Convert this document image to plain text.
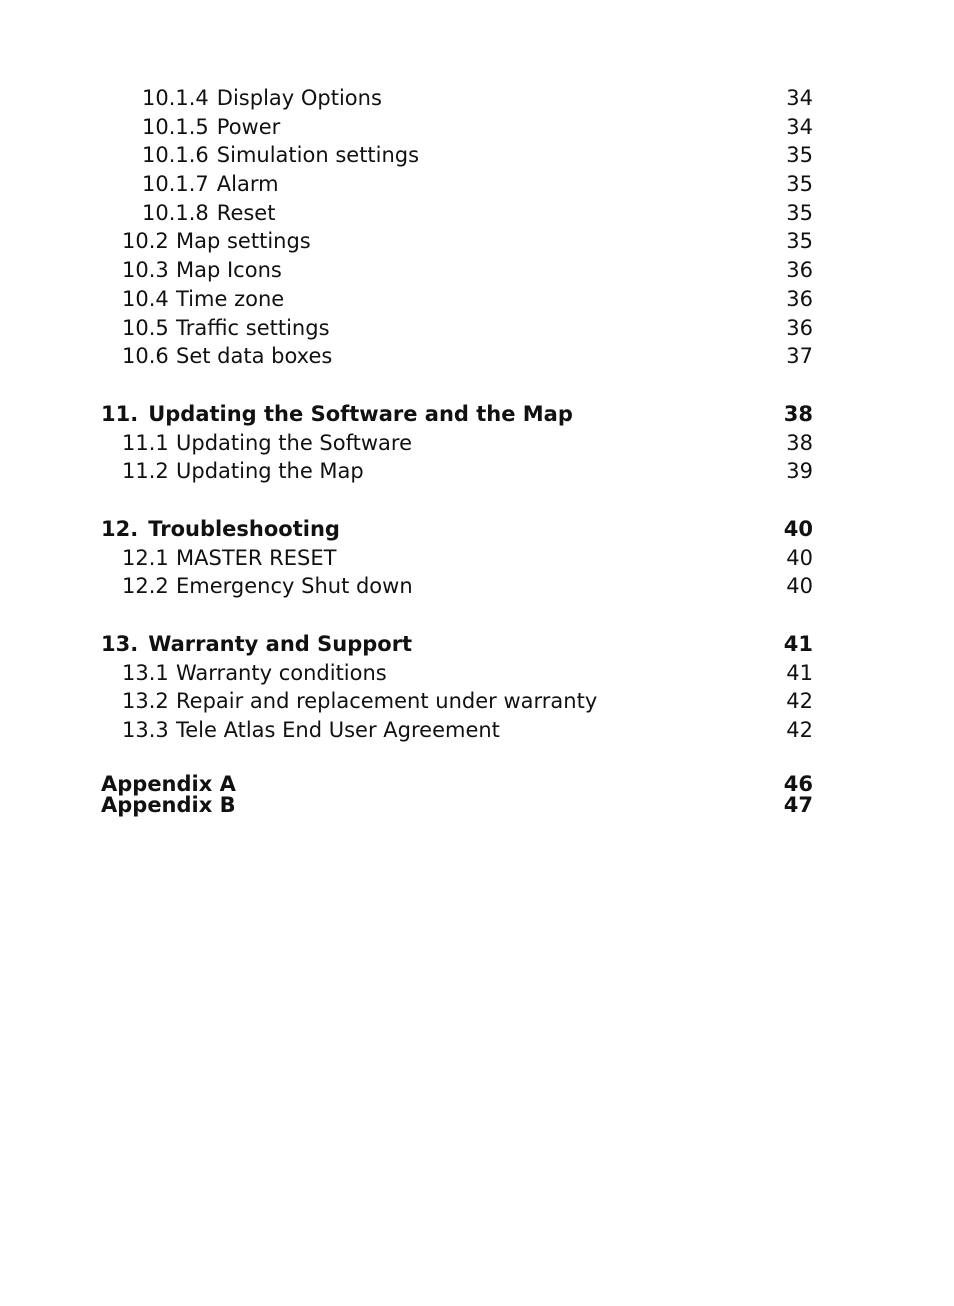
10.1.4 Display Options	34
10.1.5 Power	34
10.1.6 Simulation settings	35
10.1.7 Alarm	35
10.1.8 Reset	35
10.2 Map settings	35
10.3 Map Icons	36
10.4 Time zone	36
10.5 Traffic settings	36
10.6 Set data boxes	37
11. Updating the Software and the Map	38
11.1 Updating the Software	38
11.2 Updating the Map	39
12. Troubleshooting	40
12.1 MASTER RESET	40
12.2 Emergency Shut down	40
13. Warranty and Support	41
13.1 Warranty conditions	41
13.2 Repair and replacement under warranty	42
13.3 Tele Atlas End User Agreement	42
Appendix A	46
Appendix B	47
